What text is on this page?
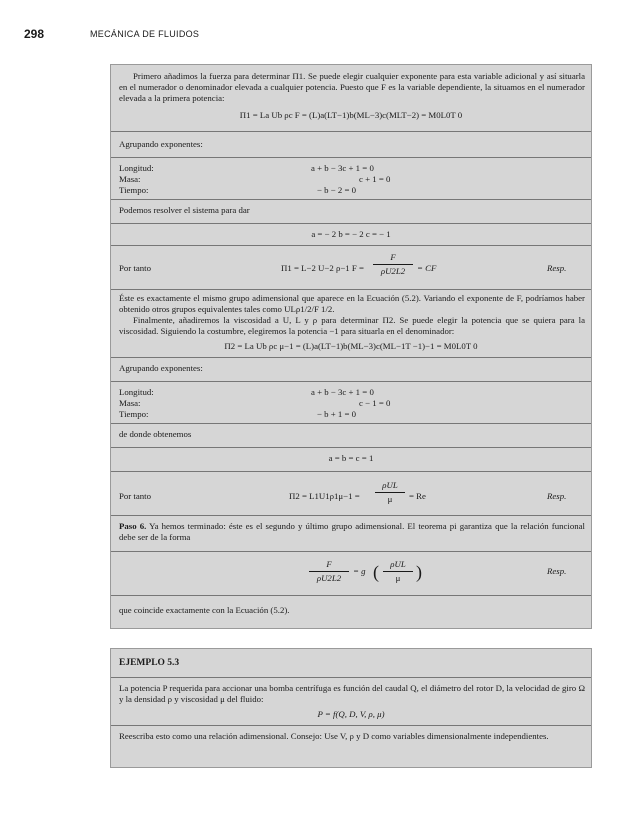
298	MECÁNICA DE FLUIDOS
Primero añadimos la fuerza para determinar Π1. Se puede elegir cualquier exponente para esta variable adicional y así situarla en el numerador o denominador elevada a cualquier potencia. Puesto que F es la variable dependiente, la situamos en el numerador elevada a la primera potencia:
Π1 = La Ub ρc F = (L)a(LT−1)b(ML−3)c(MLT−2) = M0L0T 0
Agrupando exponentes:
Longitud:	a + b − 3c + 1 = 0
Masa:	c + 1 = 0
Tiempo:	− b − 2 = 0
Podemos resolver el sistema para dar
a = − 2 b = − 2 c = − 1
Por tanto	Π1 = L−2 U−2 ρ−1 F =
F
ρU2L2	= CF	Resp.
Éste es exactamente el mismo grupo adimensional que aparece en la Ecuación (5.2). Variando el exponente de F, podríamos haber obtenido otros grupos equivalentes tales como ULρ1/2/F 1/2.
Finalmente, añadiremos la viscosidad a U, L y ρ para determinar Π2. Se puede elegir la potencia que se quiera para la viscosidad. Siguiendo la costumbre, elegiremos la potencia −1 para situarla en el denominador:
Π2 = La Ub ρc μ−1 = (L)a(LT−1)b(ML−3)c(ML−1T −1)−1 = M0L0T 0
Agrupando exponentes:
Longitud:	a + b − 3c + 1 = 0
Masa:	c − 1 = 0
Tiempo:	− b + 1 = 0
de donde obtenemos
a = b = c = 1
Por tanto	Π2 = L1U1ρ1μ−1 =
ρUL
μ	= Re	Resp.
Paso 6. Ya hemos terminado: éste es el segundo y último grupo adimensional. El teorema pi garantiza que la relación funcional debe ser de la forma
F
ρU2L2
= g (	ρUL
μ )	Resp.
que coincide exactamente con la Ecuación (5.2).
EJEMPLO 5.3
La potencia P requerida para accionar una bomba centrífuga es función del caudal Q, el diámetro del rotor D, la velocidad de giro Ω y la densidad ρ y viscosidad μ del fluido:
P = f(Q, D, V, ρ, μ)
Reescriba esto como una relación adimensional. Consejo: Use V, ρ y D como variables dimensionalmente independientes.
